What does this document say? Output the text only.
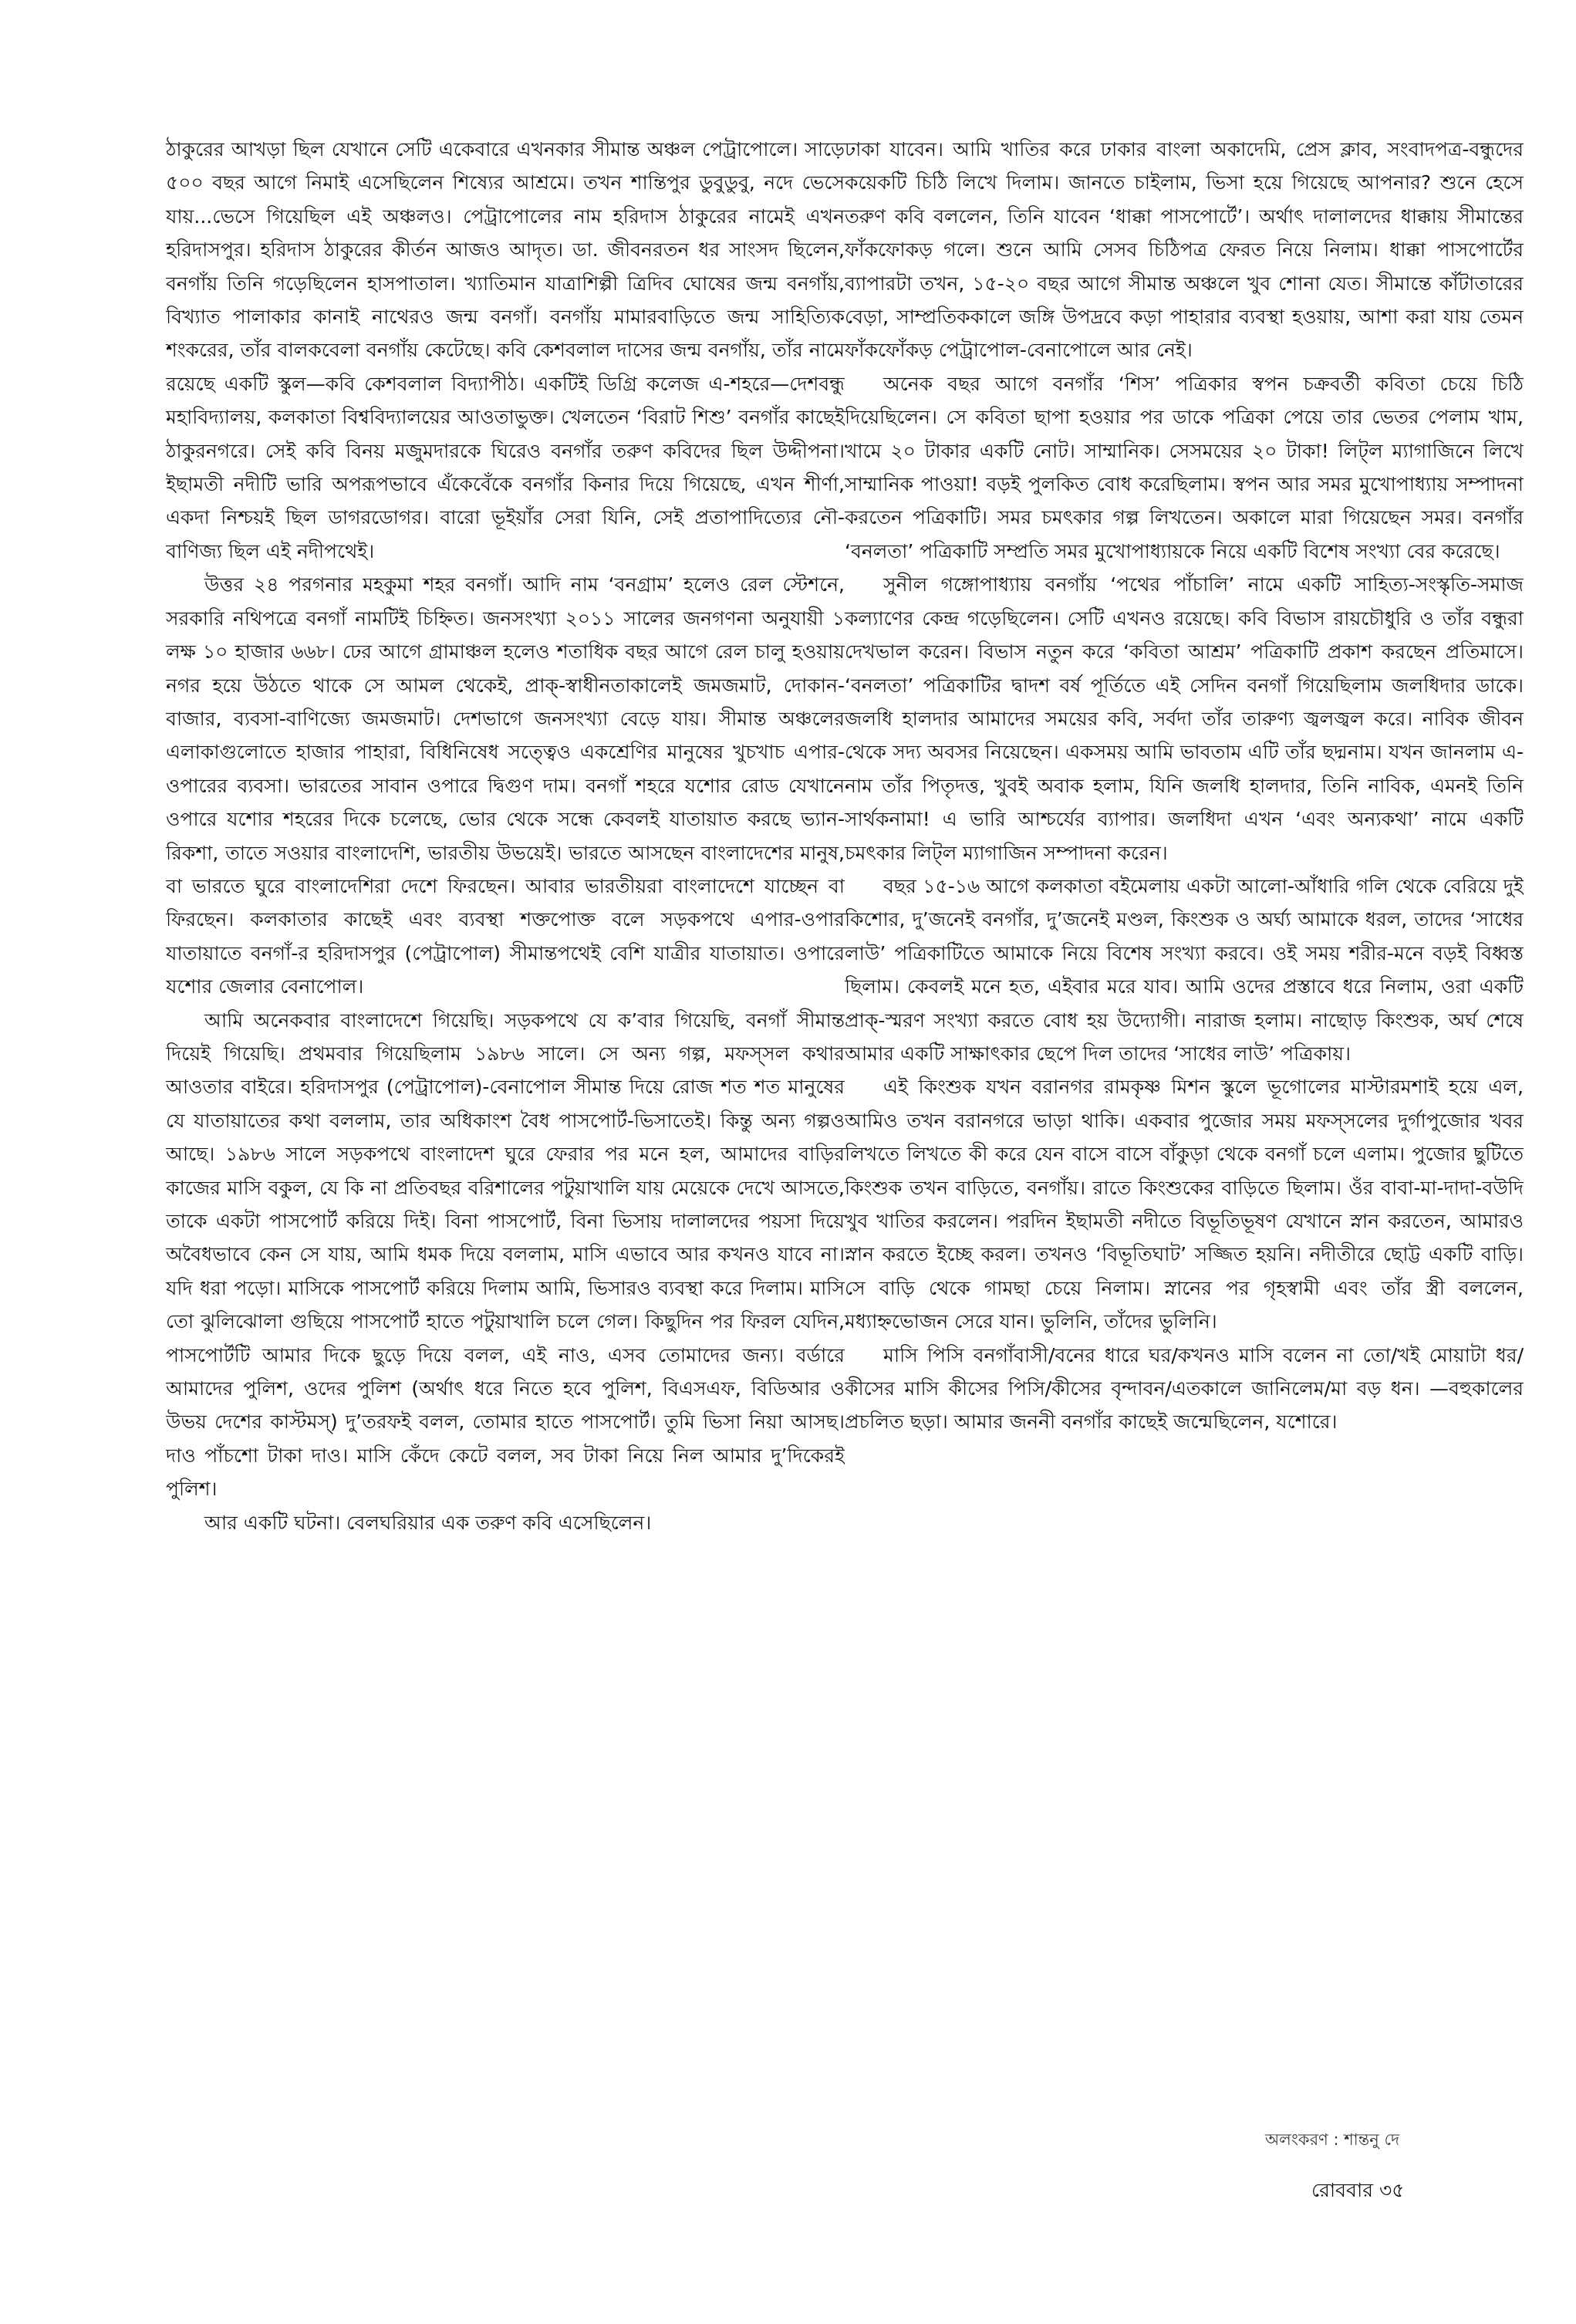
ঠাকুরের আখড়া ছিল যেখানে সেটি একেবারে এখনকার সীমান্ত অঞ্চল পেট্রাপোলে। সাড়ে ৫০০ বছর আগে নিমাই এসেছিলেন শিষ্যের আশ্রমে। তখন শান্তিপুর ডুবুডুবু, নদে ভেসে যায়...ভেসে গিয়েছিল এই অঞ্চলও। পেট্রাপোলের নাম হরিদাস ঠাকুরের নামেই এখন হরিদাসপুর। হরিদাস ঠাকুরের কীর্তন আজও আদৃত। ডা. জীবনরতন ধর সাংসদ ছিলেন, বনগাঁয় তিনি গড়েছিলেন হাসপাতাল। খ্যাতিমান যাত্রাশিল্পী ত্রিদিব ঘোষের জন্ম বনগাঁয়, বিখ্যাত পালাকার কানাই নাথেরও জন্ম বনগাঁ। বনগাঁয় মামারবাড়িতে জন্ম সাহিত্যিক শংকরের, তাঁর বালকবেলা বনগাঁয় কেটেছে। কবি কেশবলাল দাসের জন্ম বনগাঁয়, তাঁর নামে রয়েছে একটি স্কুল—কবি কেশবলাল বিদ্যাপীঠ। একটিই ডিগ্রি কলেজ এ-শহরে—দেশবন্ধু মহাবিদ্যালয়, কলকাতা বিশ্ববিদ্যালয়ের আওতাভুক্ত। খেলতেন ‘বিরাট শিশু’ বনগাঁর কাছেই ঠাকুরনগরে। সেই কবি বিনয় মজুমদারকে ঘিরেও বনগাঁর তরুণ কবিদের ছিল উদ্দীপনা। ইছামতী নদীটি ভারি অপরূপভাবে এঁকেবেঁকে বনগাঁর কিনার দিয়ে গিয়েছে, এখন শীর্ণা, একদা নিশ্চয়ই ছিল ডাগরডোগর। বারো ভূইয়াঁর সেরা যিনি, সেই প্রতাপাদিত্যের নৌ-বাণিজ্য ছিল এই নদীপথেই।

উত্তর ২৪ পরগনার মহকুমা শহর বনগাঁ। আদি নাম ‘বনগ্রাম’ হলেও রেল স্টেশনে, সরকারি নথিপত্রে বনগাঁ নামটিই চিহ্নিত। জনসংখ্যা ২০১১ সালের জনগণনা অনুযায়ী ১ লক্ষ ১০ হাজার ৬৬৮। ঢের আগে গ্রামাঞ্চল হলেও শতাধিক বছর আগে রেল চালু হওয়ায় নগর হয়ে উঠতে থাকে সে আমল থেকেই, প্রাক্-স্বাধীনতাকালেই জমজমাট, দোকান-বাজার, ব্যবসা-বাণিজ্যে জমজমাট। দেশভাগে জনসংখ্যা বেড়ে যায়। সীমান্ত অঞ্চলের এলাকাগুলোতে হাজার পাহারা, বিধিনিষেধ সত্ত্বেও একশ্রেণির মানুষের খুচখাচ এপার-ওপারের ব্যবসা। ভারতের সাবান ওপারে দ্বিগুণ দাম। বনগাঁ শহরে যশোর রোড যেখানে ওপারে যশোর শহরের দিকে চলেছে, ভোর থেকে সন্ধে কেবলই যাতায়াত করছে ভ্যান-রিকশা, তাতে সওয়ার বাংলাদেশি, ভারতীয় উভয়েই। ভারতে আসছেন বাংলাদেশের মানুষ, বা ভারতে ঘুরে বাংলাদেশিরা দেশে ফিরছেন। আবার ভারতীয়রা বাংলাদেশে যাচ্ছেন বা ফিরছেন। কলকাতার কাছেই এবং ব্যবস্থা শক্তপোক্ত বলে সড়কপথে এপার-ওপার যাতায়াতে বনগাঁ-র হরিদাসপুর (পেট্রাপোল) সীমান্তপথেই বেশি যাত্রীর যাতায়াত। ওপারে যশোর জেলার বেনাপোল।

আমি অনেকবার বাংলাদেশে গিয়েছি। সড়কপথে যে ক’বার গিয়েছি, বনগাঁ সীমান্ত দিয়েই গিয়েছি। প্রথমবার গিয়েছিলাম ১৯৮৬ সালে। সে অন্য গল্প, মফস্সল কথার আওতার বাইরে। হরিদাসপুর (পেট্রাপোল)-বেনাপোল সীমান্ত দিয়ে রোজ শত শত মানুষের যে যাতায়াতের কথা বললাম, তার অধিকাংশ বৈধ পাসপোর্ট-ভিসাতেই। কিন্তু অন্য গল্পও আছে। ১৯৮৬ সালে সড়কপথে বাংলাদেশ ঘুরে ফেরার পর মনে হল, আমাদের বাড়ির কাজের মাসি বকুল, যে কি না প্রতিবছর বরিশালের পটুয়াখালি যায় মেয়েকে দেখে আসতে, তাকে একটা পাসপোর্ট করিয়ে দিই। বিনা পাসপোর্ট, বিনা ভিসায় দালালদের পয়সা দিয়ে অবৈধভাবে কেন সে যায়, আমি ধমক দিয়ে বললাম, মাসি এভাবে আর কখনও যাবে না। যদি ধরা পড়ো। মাসিকে পাসপোর্ট করিয়ে দিলাম আমি, ভিসারও ব্যবস্থা করে দিলাম। মাসি তো ঝুলিঝোলা গুছিয়ে পাসপোর্ট হাতে পটুয়াখালি চলে গেল। কিছুদিন পর ফিরল যেদিন, পাসপোর্টটি আমার দিকে ছুড়ে দিয়ে বলল, এই নাও, এসব তোমাদের জন্য। বর্ডারে আমাদের পুলিশ, ওদের পুলিশ (অর্থাৎ ধরে নিতে হবে পুলিশ, বিএসএফ, বিডিআর ও উভয় দেশের কাস্টমস্) দু’তরফই বলল, তোমার হাতে পাসপোর্ট। তুমি ভিসা নিয়া আসছ। দাও পাঁচশো টাকা দাও। মাসি কেঁদে কেটে বলল, সব টাকা নিয়ে নিল আমার দু’দিকেরই পুলিশ।

আর একটি ঘটনা। বেলঘরিয়ার এক তরুণ কবি এসেছিলেন।

ঢাকা যাবেন। আমি খাতির করে ঢাকার বাংলা অকাদেমি, প্রেস ক্লাব, সংবাদপত্র-বন্ধুদের কয়েকটি চিঠি লিখে দিলাম। জানতে চাইলাম, ভিসা হয়ে গিয়েছে আপনার? শুনে হেসে তরুণ কবি বললেন, তিনি যাবেন ‘ধাক্কা পাসপোর্টে’। অর্থাৎ দালালদের ধাক্কায় সীমান্তের ফাঁকফোকড় গলে। শুনে আমি সেসব চিঠিপত্র ফেরত নিয়ে নিলাম। ধাক্কা পাসপোর্টের ব্যাপারটা তখন, ১৫-২০ বছর আগে সীমান্ত অঞ্চলে খুব শোনা যেত। সীমান্তে কাঁটাতারের বেড়া, সাম্প্রতিককালে জঙ্গি উপদ্রবে কড়া পাহারার ব্যবস্থা হওয়ায়, আশা করা যায় তেমন ফাঁকফোঁকড় পেট্রাপোল-বেনাপোলে আর নেই।

অনেক বছর আগে বনগাঁর ‘শিস’ পত্রিকার স্বপন চক্রবর্তী কবিতা চেয়ে চিঠি দিয়েছিলেন। সে কবিতা ছাপা হওয়ার পর ডাকে পত্রিকা পেয়ে তার ভেতর পেলাম খাম, খামে ২০ টাকার একটি নোট। সাম্মানিক। সেসময়ের ২০ টাকা! লিট্ল ম্যাগাজিনে লিখে সাম্মানিক পাওয়া! বড়ই পুলকিত বোধ করেছিলাম। স্বপন আর সমর মুখোপাধ্যায় সম্পাদনা করতেন পত্রিকাটি। সমর চমৎকার গল্প লিখতেন। অকালে মারা গিয়েছেন সমর। বনগাঁর ‘বনলতা’ পত্রিকাটি সম্প্রতি সমর মুখোপাধ্যায়কে নিয়ে একটি বিশেষ সংখ্যা বের করেছে।

সুনীল গঙ্গোপাধ্যায় বনগাঁয় ‘পথের পাঁচালি’ নামে একটি সাহিত্য-সংস্কৃতি-সমাজ কল্যাণের কেন্দ্র গড়েছিলেন। সেটি এখনও রয়েছে। কবি বিভাস রায়চৌধুরি ও তাঁর বন্ধুরা দেখভাল করেন। বিভাস নতুন করে ‘কবিতা আশ্রম’ পত্রিকাটি প্রকাশ করছেন প্রতিমাসে। ‘বনলতা’ পত্রিকাটির দ্বাদশ বর্ষ পূর্তিতে এই সেদিন বনগাঁ গিয়েছিলাম জলধিদার ডাকে। জলধি হালদার আমাদের সময়ের কবি, সর্বদা তাঁর তারুণ্য জ্বলজ্বল করে। নাবিক জীবন থেকে সদ্য অবসর নিয়েছেন। একসময় আমি ভাবতাম এটি তাঁর ছদ্মনাম। যখন জানলাম এ-নাম তাঁর পিতৃদত্ত, খুবই অবাক হলাম, যিনি জলধি হালদার, তিনি নাবিক, এমনই তিনি সার্থকনামা! এ ভারি আশ্চর্যের ব্যাপার। জলধিদা এখন ‘এবং অন্যকথা’ নামে একটি চমৎকার লিট্ল ম্যাগাজিন সম্পাদনা করেন।

বছর ১৫-১৬ আগে কলকাতা বইমেলায় একটা আলো-আঁধারি গলি থেকে বেরিয়ে দুই কিশোর, দু’জনেই বনগাঁর, দু’জনেই মণ্ডল, কিংশুক ও অর্ঘ্য আমাকে ধরল, তাদের ‘সাধের লাউ’ পত্রিকাটিতে আমাকে নিয়ে বিশেষ সংখ্যা করবে। ওই সময় শরীর-মনে বড়ই বিধ্বস্ত ছিলাম। কেবলই মনে হত, এইবার মরে যাব। আমি ওদের প্রস্তাবে ধরে নিলাম, ওরা একটি প্রাক্-স্মরণ সংখ্যা করতে বোধ হয় উদ্যোগী। নারাজ হলাম। নাছোড় কিংশুক, অর্ঘ শেষে আমার একটি সাক্ষাৎকার ছেপে দিল তাদের ‘সাধের লাউ’ পত্রিকায়।

এই কিংশুক যখন বরানগর রামকৃষ্ণ মিশন স্কুলে ভূগোলের মাস্টারমশাই হয়ে এল, আমিও তখন বরানগরে ভাড়া থাকি। একবার পুজোর সময় মফস্সলের দুর্গাপুজোর খবর লিখতে লিখতে কী করে যেন বাসে বাসে বাঁকুড়া থেকে বনগাঁ চলে এলাম। পুজোর ছুটিতে কিংশুক তখন বাড়িতে, বনগাঁয়। রাতে কিংশুকের বাড়িতে ছিলাম। ওঁর বাবা-মা-দাদা-বউদি খুব খাতির করলেন। পরদিন ইছামতী নদীতে বিভূতিভূষণ যেখানে স্নান করতেন, আমারও স্নান করতে ইচ্ছে করল। তখনও ‘বিভূতিঘাট’ সজ্জিত হয়নি। নদীতীরে ছোট্ট একটি বাড়ি। সে বাড়ি থেকে গামছা চেয়ে নিলাম। স্নানের পর গৃহস্বামী এবং তাঁর স্ত্রী বললেন, মধ্যাহ্নভোজন সেরে যান। ভুলিনি, তাঁদের ভুলিনি।

মাসি পিসি বনগাঁবাসী/বনের ধারে ঘর/কখনও মাসি বলেন না তো/খই মোয়াটা ধর/কীসের মাসি কীসের পিসি/কীসের বৃন্দাবন/এতকালে জানিলেম/মা বড় ধন। —বহুকালের প্রচলিত ছড়া। আমার জননী বনগাঁর কাছেই জন্মেছিলেন, যশোরে।

অলংকরণ : শান্তনু দে
রোববার ৩৫
